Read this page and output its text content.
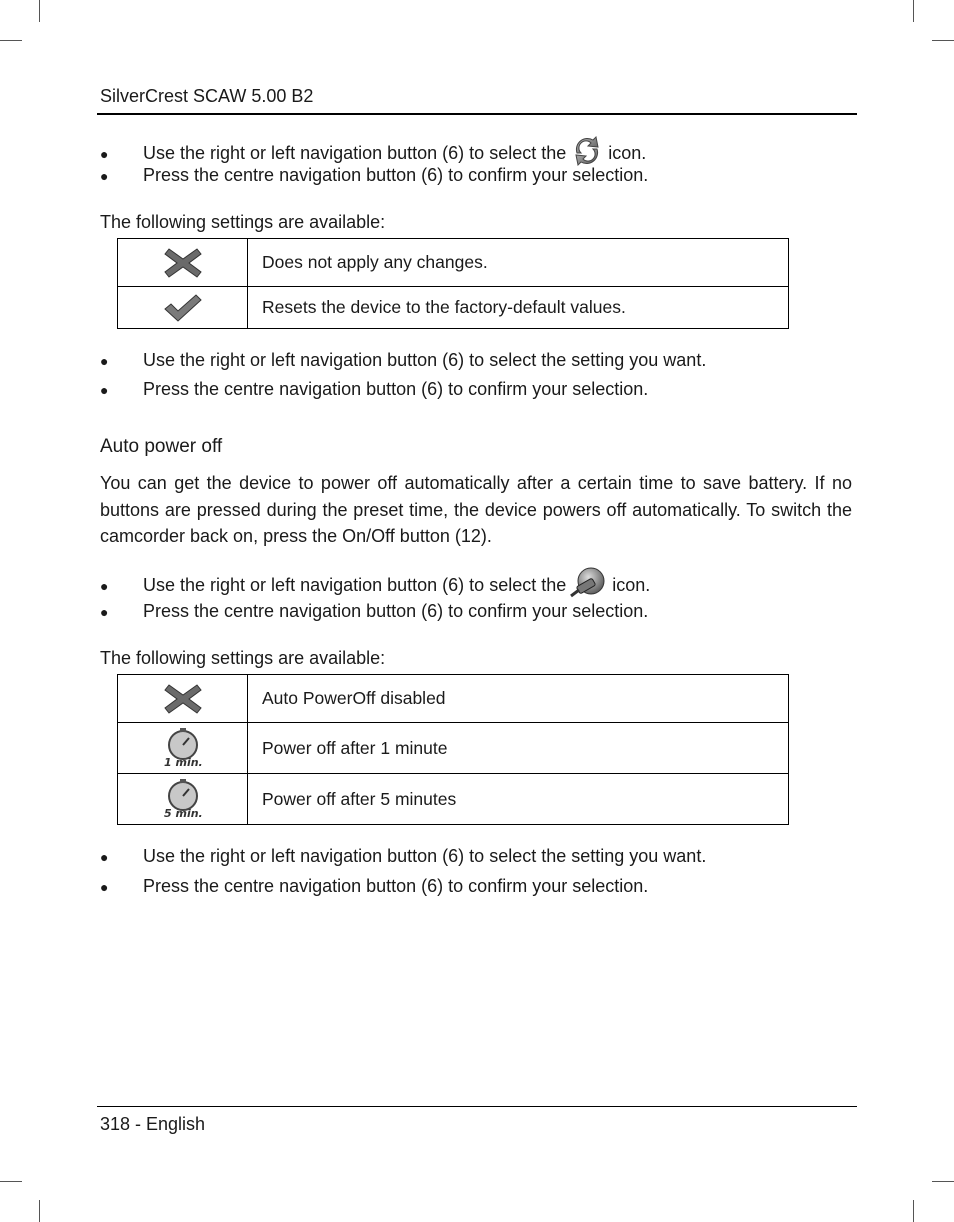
SilverCrest SCAW 5.00 B2
●	Use the right or left navigation button (6) to select the icon.
●	Press the centre navigation button (6) to confirm your selection.
The following settings are available:
	Does not apply any changes.

	Resets the device to the factory-default values.
●	Use the right or left navigation button (6) to select the setting you want.
●	Press the centre navigation button (6) to confirm your selection.
Auto power off
You can get the device to power off automatically after a certain time to save battery. If no buttons are pressed during the preset time, the device powers off automatically. To switch the camcorder back on, press the On/Off button (12).
●	Use the right or left navigation button (6) to select the	icon.
●	Press the centre navigation button (6) to confirm your selection.
The following settings are available:
	Auto PowerOff disabled

1 min.	Power off after 1 minute

5 min.	Power off after 5 minutes
●	Use the right or left navigation button (6) to select the setting you want.
●	Press the centre navigation button (6) to confirm your selection.
318 - English
